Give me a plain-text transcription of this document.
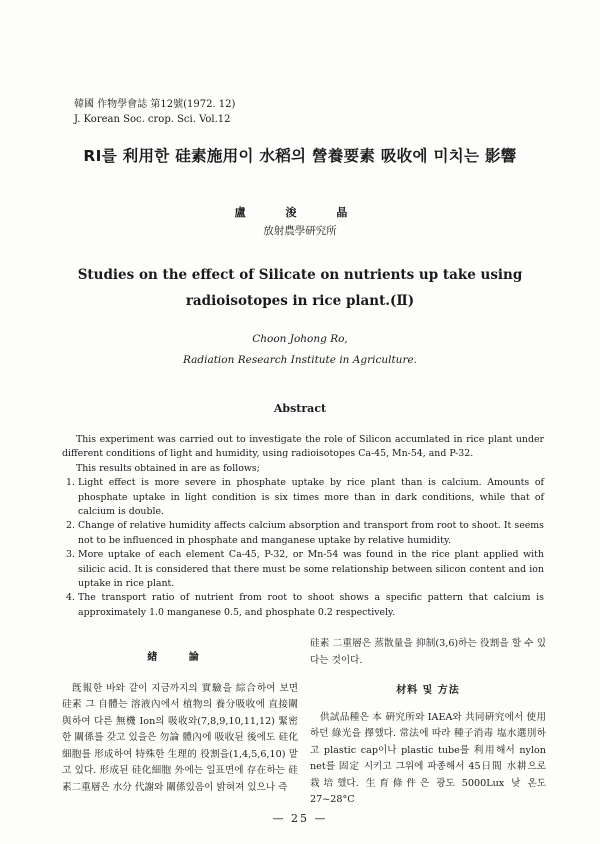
韓國 作物學會誌 第12號(1972. 12)
J. Korean Soc. crop. Sci. Vol.12
RI를 利用한 硅素施用이 水稻의 營養要素 吸收에 미치는 影響
盧 浚 晶
放射農學硏究所
Studies on the effect of Silicate on nutrients up take using
radioisotopes in rice plant.(Ⅱ)
Choon Johong Ro,
Radiation Research Institute in Agriculture.
Abstract

This experiment was carried out to investigate the role of Silicon accumlated in rice plant under different conditions of light and humidity, using radioisotopes Ca-45, Mn-54, and P-32.

This results obtained in are as follows;

1. Light effect is more severe in phosphate uptake by rice plant than is calcium. Amounts of phosphate uptake in light condition is six times more than in dark conditions, while that of calcium is double.
2. Change of relative humidity affects calcium absorption and transport from root to shoot. It seems not to be influenced in phosphate and manganese uptake by relative humidity.
3. More uptake of each element Ca-45, P-32, or Mn-54 was found in the rice plant applied with silicic acid. It is considered that there must be some relationship between silicon content and ion uptake in rice plant.
4. The transport ratio of nutrient from root to shoot shows a specific pattern that calcium is approximately 1.0 manganese 0.5, and phosphate 0.2 respectively.
緖 論

旣報한 바와 같이 지금까지의 實驗을 綜合하여 보면 硅素 그 自體는 溶液內에서 植物의 養分吸收에 直接關與하여 다른 無機 Ion의 吸收와(7,8,9,10,11,12) 緊密한 關係를 갖고 있을은 勿論 體內에 吸收된 後에도 硅化細胞를 形成하여 特殊한 生理的 役割을(1,4,5,6,10) 맡고 있다. 形成된 硅化細胞 外에는 일표면에 存在하는 硅素二重層은 水分 代謝와 關係있음이 밝혀져 있으나 즉

硅素 二重層은 蒸散量을 抑制(3,6)하는 役割을 할 수 있다는 것이다.

材料 및 方法

供試品種은 本 硏究所와 IAEA와 共同硏究에서 使用하던 綠光을 擇했다. 常法에 따라 種子消毒 塩水選別하고 plastic cap이나 plastic tube를 利用해서 nylon net를 固定 시키고 그위에 파종해서 45日間 水耕으로 栽培했다. 生育條件은 광도 5000Lux 낮 온도 27~28°C

— 25 —
